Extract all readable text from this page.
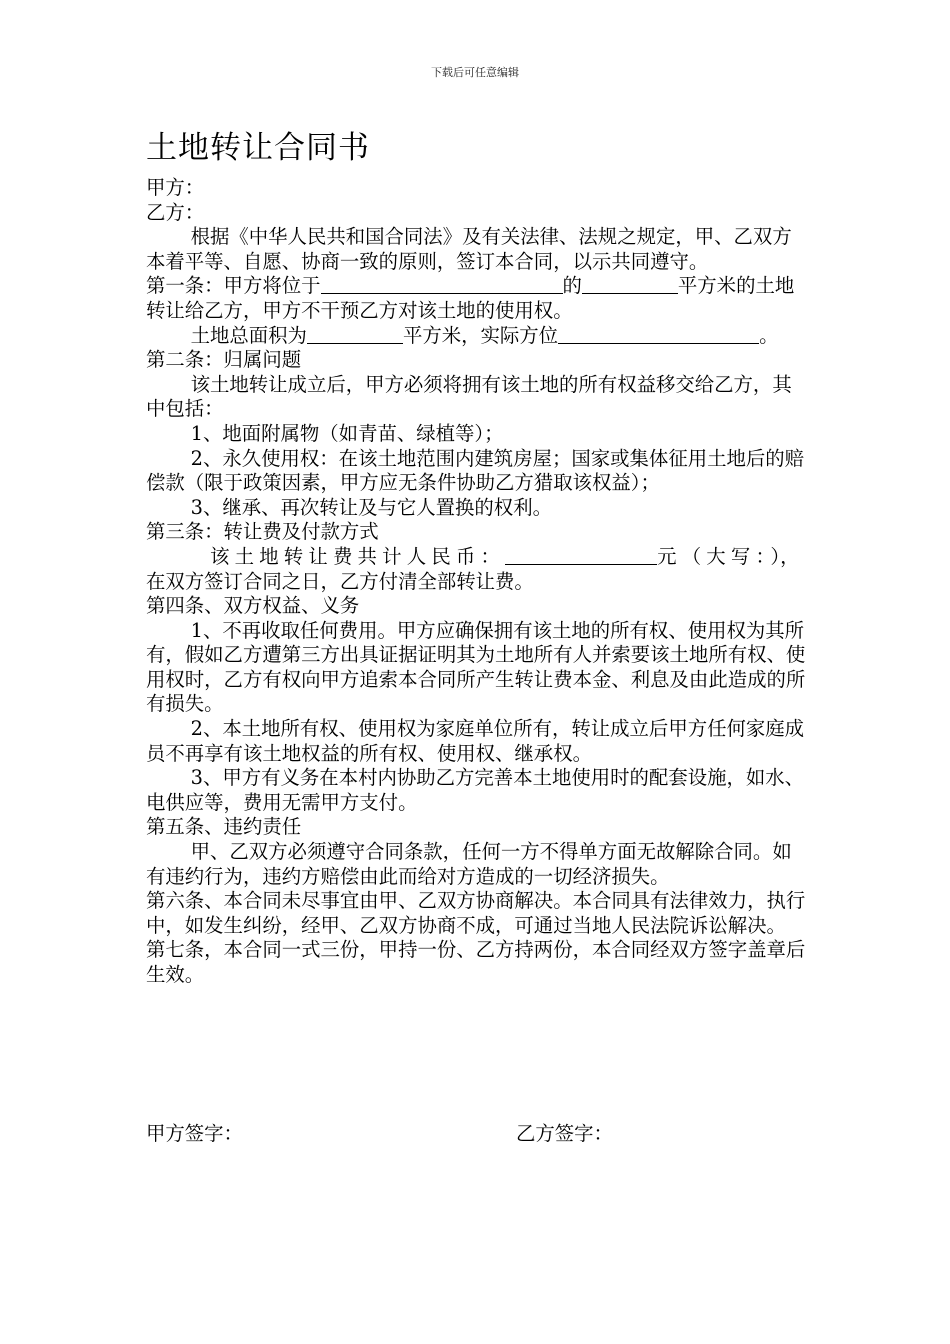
下载后可任意编辑
土地转让合同书

甲方：

乙方：

根据《中华人民共和国合同法》及有关法律、法规之规定，甲、乙双方本着平等、自愿、协商一致的原则，签订本合同，以示共同遵守。

第一条：甲方将位于	的	平方米的土地转让给乙方，甲方不干预乙方对该土地的使用权。

土地总面积为	平方米，实际方位	。

第二条：归属问题

该土地转让成立后，甲方必须将拥有该土地的所有权益移交给乙方，其中包括：

1、地面附属物（如青苗、绿植等）；

2、永久使用权：在该土地范围内建筑房屋；国家或集体征用土地后的赔偿款（限于政策因素，甲方应无条件协助乙方猎取该权益）；

3、继承、再次转让及与它人置换的权利。

第三条：转让费及付款方式

该土地转让费共计人民币：	元（大写：），在双方签订合同之日，乙方付清全部转让费。

第四条、双方权益、义务

1、不再收取任何费用。甲方应确保拥有该土地的所有权、使用权为其所有，假如乙方遭第三方出具证据证明其为土地所有人并索要该土地所有权、使用权时，乙方有权向甲方追索本合同所产生转让费本金、利息及由此造成的所有损失。

2、本土地所有权、使用权为家庭单位所有，转让成立后甲方任何家庭成员不再享有该土地权益的所有权、使用权、继承权。

3、甲方有义务在本村内协助乙方完善本土地使用时的配套设施，如水、电供应等，费用无需甲方支付。

第五条、违约责任

甲、乙双方必须遵守合同条款，任何一方不得单方面无故解除合同。如有违约行为，违约方赔偿由此而给对方造成的一切经济损失。

第六条、本合同未尽事宜由甲、乙双方协商解决。本合同具有法律效力，执行中，如发生纠纷，经甲、乙双方协商不成，可通过当地人民法院诉讼解决。

第七条，本合同一式三份，甲持一份、乙方持两份，本合同经双方签字盖章后生效。

甲方签字：	乙方签字：
